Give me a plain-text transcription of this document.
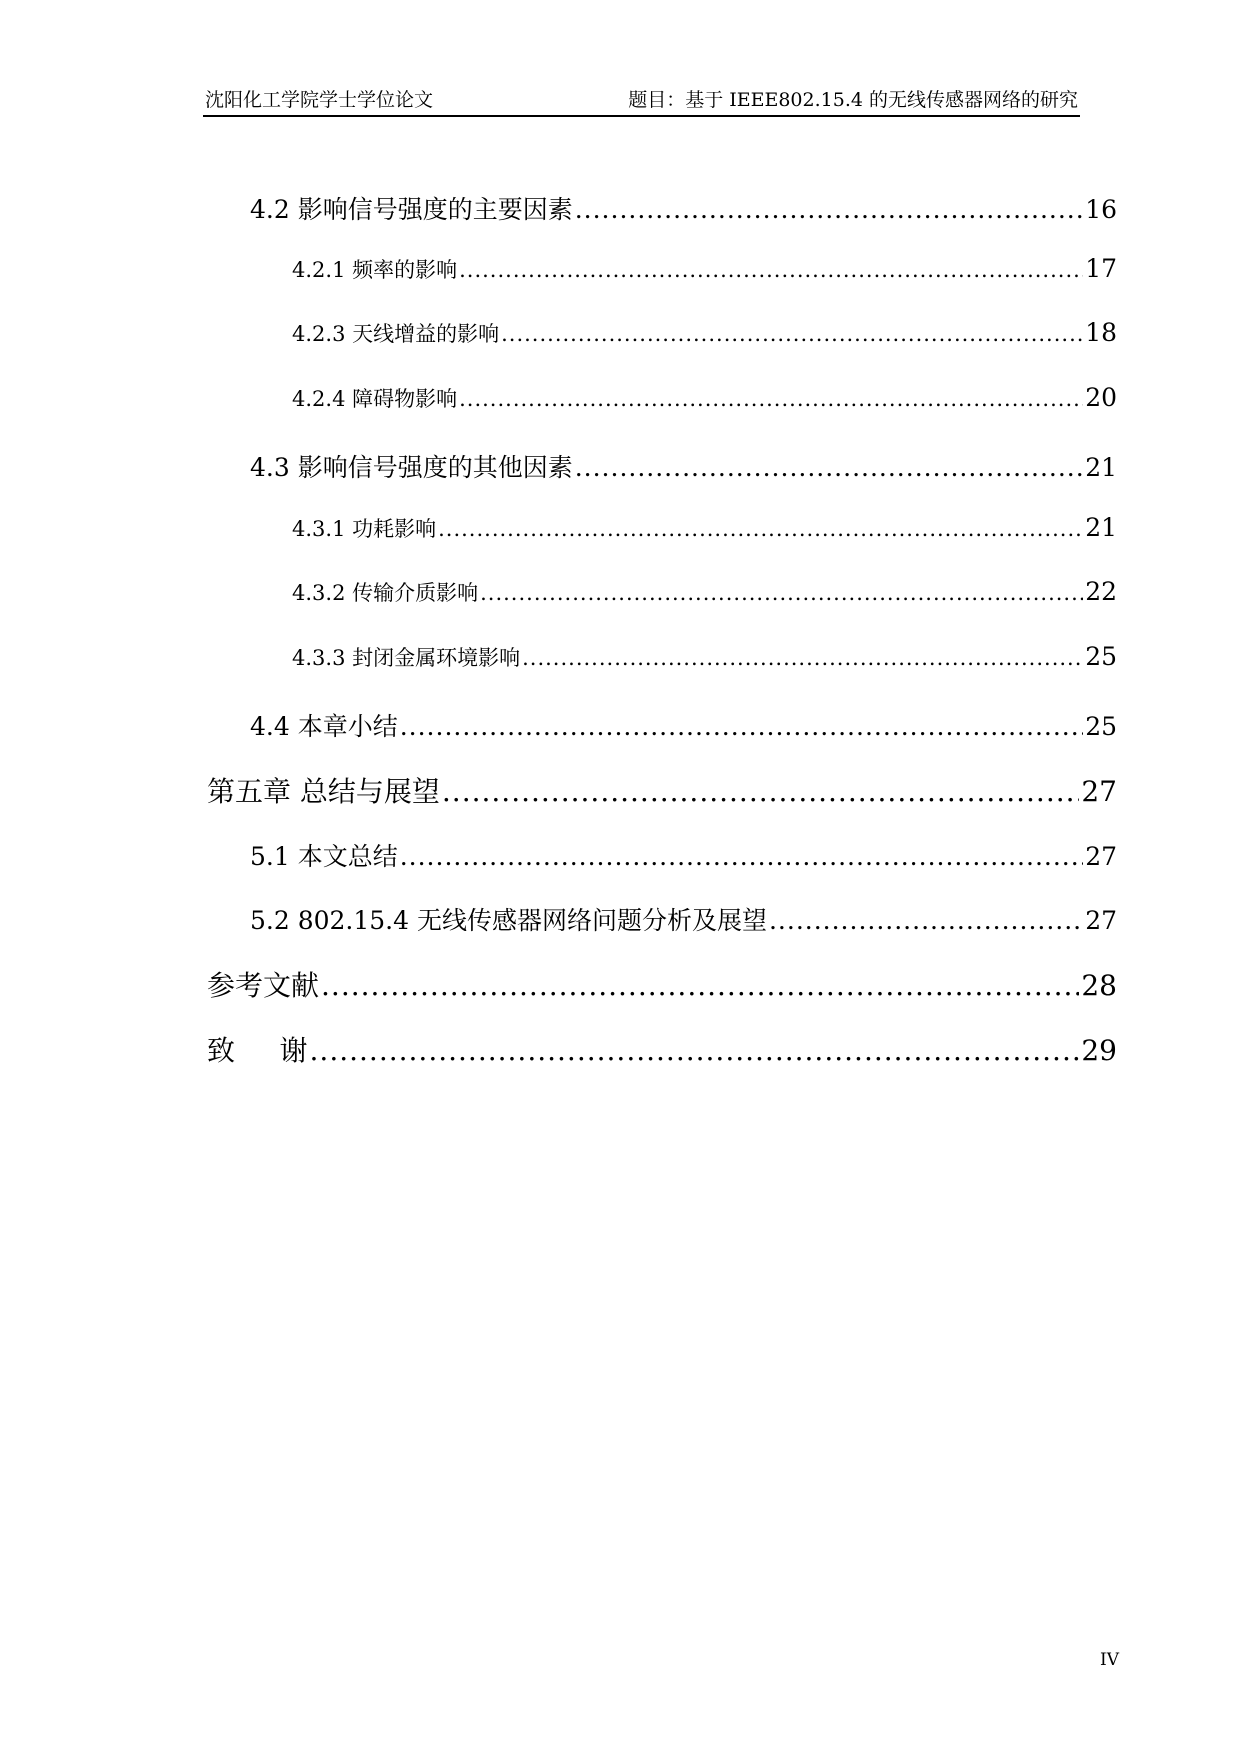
沈阳化工学院学士学位论文	题目：基于 IEEE802.15.4 的无线传感器网络的研究
4.2 影响信号强度的主要因素 .....	16
4.2.1 频率的影响 .....	17
4.2.3 天线增益的影响 .....	18
4.2.4 障碍物影响 .....	20
4.3 影响信号强度的其他因素 .....	21
4.3.1 功耗影响 .....	21
4.3.2 传输介质影响 .....	22
4.3.3 封闭金属环境影响 .....	25
4.4 本章小结 .....	25
第五章 总结与展望 .....	27
5.1 本文总结 .....	27
5.2 802.15.4 无线传感器网络问题分析及展望 .....	27
参考文献 .....	28
致     谢 .....	29
IV
